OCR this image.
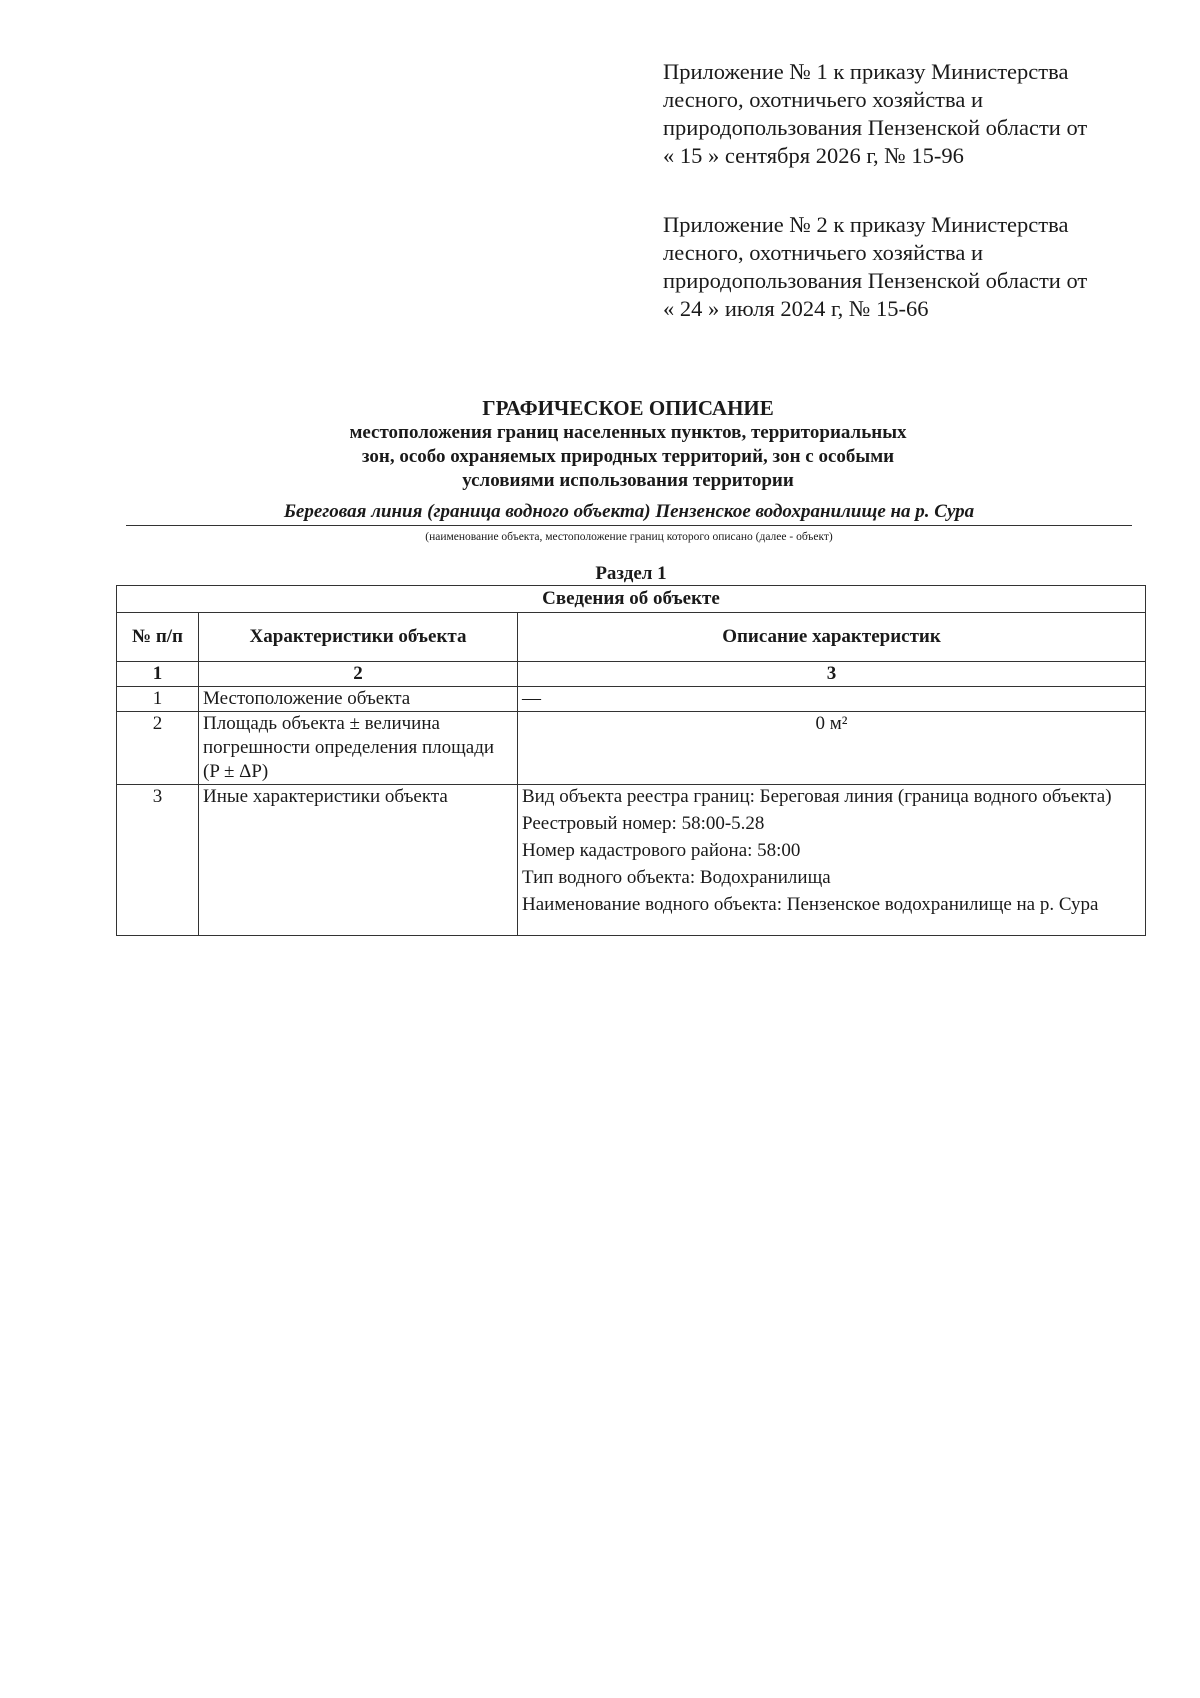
Приложение № 1 к приказу Министерства

лесного, охотничьего хозяйства и

природопользования Пензенской области от

« 15 » сентября 2026 г, № 15-96

Приложение № 2 к приказу Министерства

лесного, охотничьего хозяйства и

природопользования Пензенской области от

« 24 » июля 2024 г, № 15-66

ГРАФИЧЕСКОЕ ОПИСАНИЕ
местоположения границ населенных пунктов, территориальных
зон, особо охраняемых природных территорий, зон с особыми
условиями использования территории
Береговая линия (граница водного объекта) Пензенское водохранилище на р. Сура
(наименование объекта, местоположение границ которого описано (далее - объект)
Раздел 1
Сведения об объекте		
№ п/п	Характеристики объекта	Описание характеристик
1	2	3
1	Местоположение объекта	—

2	Площадь объекта ± величина погрешности определения площади (P ± ΔP)	0 м²

3	Иные характеристики объекта	Вид объекта реестра границ: Береговая линия (граница водного объекта)
Реестровый номер: 58:00-5.28
Номер кадастрового района: 58:00
Тип водного объекта: Водохранилища
Наименование водного объекта: Пензенское водохранилище на р. Сура
